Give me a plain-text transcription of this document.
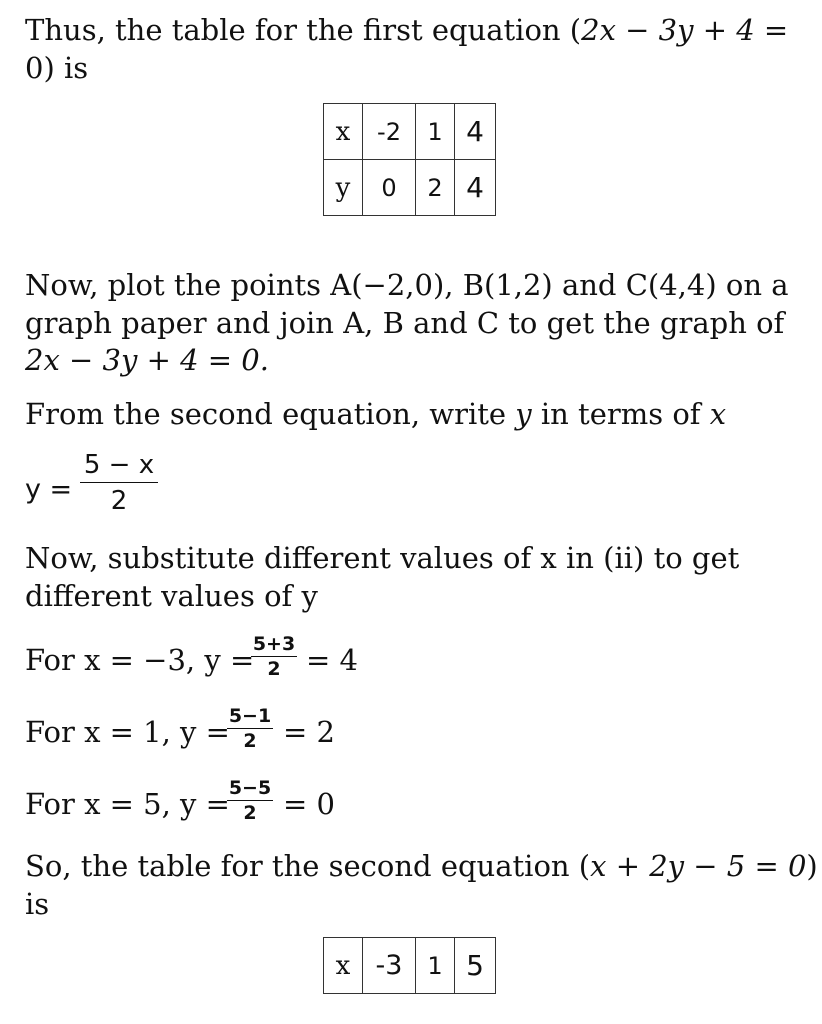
Thus, the table for the first equation (2x − 3y + 4 =
0) is
x	-2	1	4
y	0	2	4
Now, plot the points A(−2,0), B(1,2) and C(4,4) on a
graph paper and join A, B and C to get the graph of
2x − 3y + 4 = 0.
From the second equation, write y in terms of x
y =
5 − x
2
Now, substitute different values of x in (ii) to get
different values of y
For x = −3, y =
5+3
2 = 4
For x = 1, y =
5−1
2 = 2
For x = 5, y =
5−5
2 = 0
So, the table for the second equation (x + 2y − 5 = 0)
is
x	-3	1	5
